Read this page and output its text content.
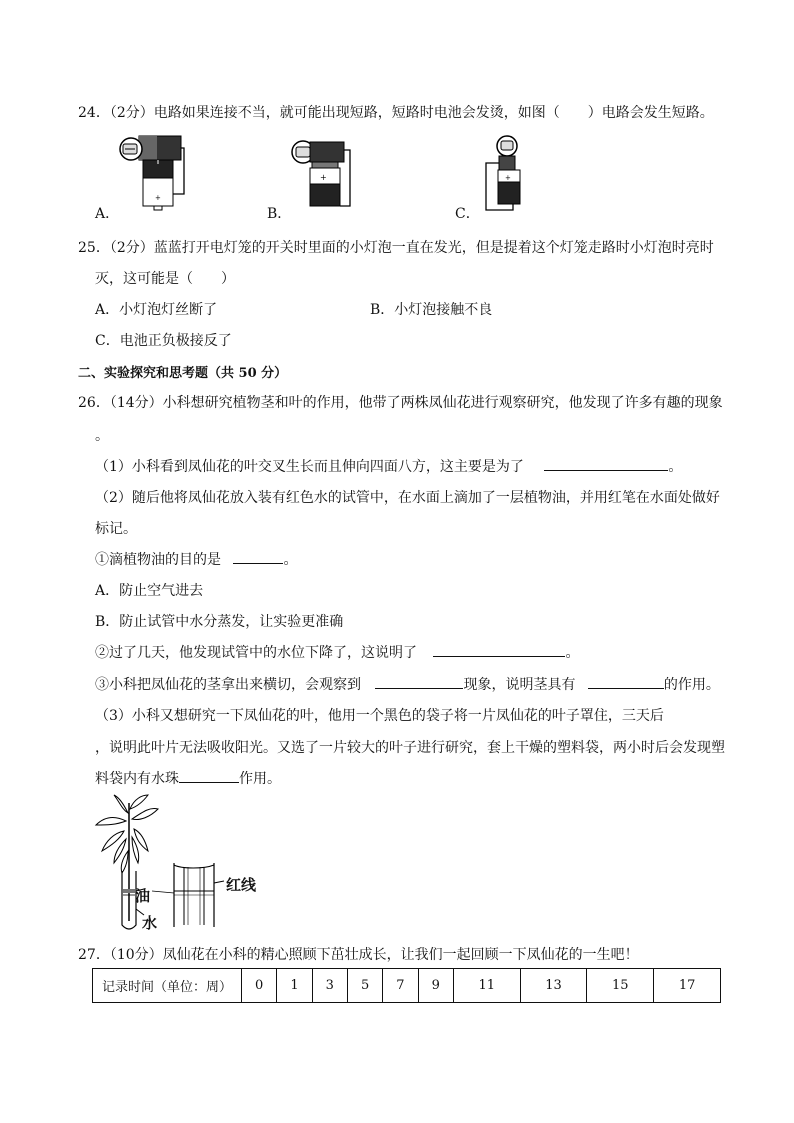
24．（2分）电路如果连接不当，就可能出现短路，短路时电池会发烫，如图（　　）电路会发生短路。
+
A．
+
B．
+
C．
25．（2分）蓝蓝打开电灯笼的开关时里面的小灯泡一直在发光，但是提着这个灯笼走路时小灯泡时亮时
灭，这可能是（　　）
A．小灯泡灯丝断了	B．小灯泡接触不良
C．电池正负极接反了
二、实验探究和思考题（共 50 分）
26．（14分）小科想研究植物茎和叶的作用，他带了两株凤仙花进行观察研究，他发现了许多有趣的现象
。
（1）小科看到凤仙花的叶交叉生长而且伸向四面八方，这主要是为了	。
（2）随后他将凤仙花放入装有红色水的试管中，在水面上滴加了一层植物油，并用红笔在水面处做好
标记。
①滴植物油的目的是	。
A．防止空气进去
B．防止试管中水分蒸发，让实验更准确
②过了几天，他发现试管中的水位下降了，这说明了	。
③小科把凤仙花的茎拿出来横切，会观察到	现象，说明茎具有	的作用。
（3）小科又想研究一下凤仙花的叶，他用一个黑色的袋子将一片凤仙花的叶子罩住，三天后
，说明此叶片无法吸收阳光。又选了一片较大的叶子进行研究，套上干燥的塑料袋，两小时后会发现塑
料袋内有水珠	作用。
油
水
红线
27．（10分）凤仙花在小科的精心照顾下茁壮成长，让我们一起回顾一下凤仙花的一生吧！
记录时间（单位：周）	0	1	3	5	7	9	11	13	15	17
